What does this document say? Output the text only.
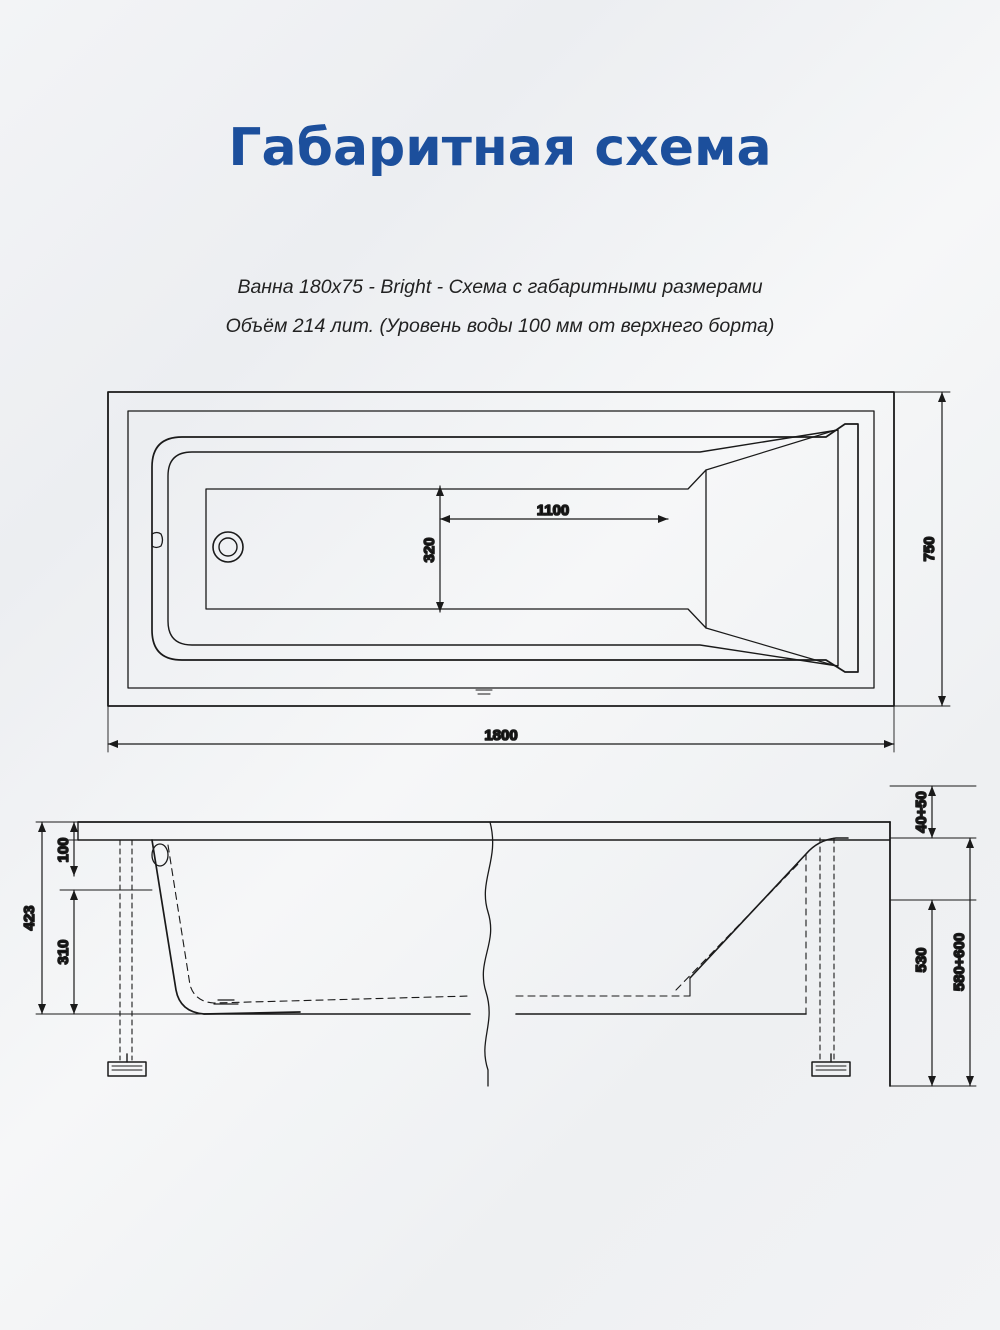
Габаритная схема
Ванна 180х75 - Bright - Схема с габаритными размерами
Объём 214 лит. (Уровень воды 100 мм от верхнего борта)
1100
320	750
1800
100
310
423
40÷50
530 580÷600
